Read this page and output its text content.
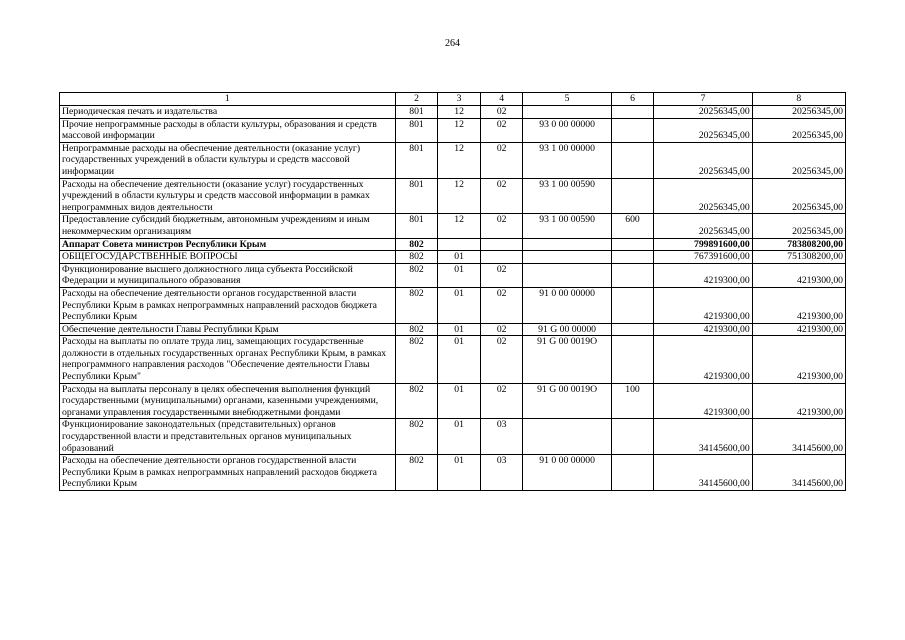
264
1	2	3	4	5	6	7	8
Периодическая печать и издательства	801	12	02			20256345,00	20256345,00
Прочие непрограммные расходы в области культуры, образования и средств массовой информации	801	12	02	93 0 00 00000		20256345,00	20256345,00
Непрограммные расходы на обеспечение деятельности (оказание услуг) государственных учреждений в области культуры и средств массовой информации	801	12	02	93 1 00 00000		20256345,00	20256345,00
Расходы на обеспечение деятельности (оказание услуг) государственных учреждений в области культуры и средств массовой информации в рамках непрограммных видов деятельности	801	12	02	93 1 00 00590		20256345,00	20256345,00
Предоставление субсидий бюджетным, автономным учреждениям и иным некоммерческим организациям	801	12	02	93 1 00 00590	600	20256345,00	20256345,00
Аппарат Совета министров Республики Крым	802					799891600,00	783808200,00
ОБЩЕГОСУДАРСТВЕННЫЕ ВОПРОСЫ	802	01				767391600,00	751308200,00
Функционирование высшего должностного лица субъекта Российской Федерации и муниципального образования	802	01	02			4219300,00	4219300,00
Расходы на обеспечение деятельности органов государственной власти Республики Крым в рамках непрограммных направлений расходов бюджета Республики Крым	802	01	02	91 0 00 00000		4219300,00	4219300,00
Обеспечение деятельности Главы Республики Крым	802	01	02	91 G 00 00000		4219300,00	4219300,00
Расходы на выплаты по оплате труда лиц, замещающих государственные должности в отдельных государственных органах Республики Крым, в рамках непрограммного направления расходов "Обеспечение деятельности Главы Республики Крым"	802	01	02	91 G 00 0019O		4219300,00	4219300,00
Расходы на выплаты персоналу в целях обеспечения выполнения функций государственными (муниципальными) органами, казенными учреждениями, органами управления государственными внебюджетными фондами	802	01	02	91 G 00 0019O	100	4219300,00	4219300,00
Функционирование законодательных (представительных) органов государственной власти и представительных органов муниципальных образований	802	01	03			34145600,00	34145600,00
Расходы на обеспечение деятельности органов государственной власти Республики Крым в рамках непрограммных направлений расходов бюджета Республики Крым	802	01	03	91 0 00 00000		34145600,00	34145600,00
